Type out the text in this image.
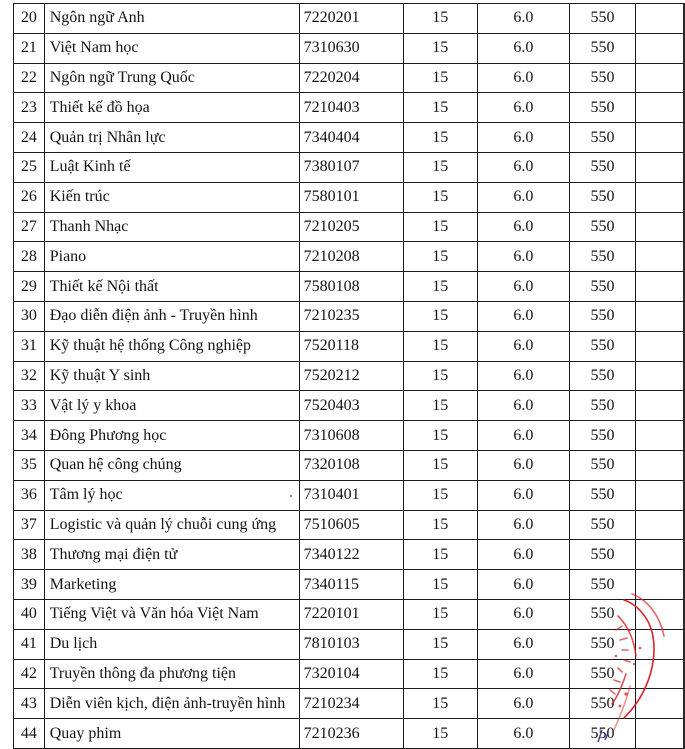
20	Ngôn ngữ Anh	7220201	15	6.0	550	
21	Việt Nam học	7310630	15	6.0	550	
22	Ngôn ngữ Trung Quốc	7220204	15	6.0	550	
23	Thiết kế đồ họa	7210403	15	6.0	550	
24	Quản trị Nhân lực	7340404	15	6.0	550	
25	Luật Kinh tế	7380107	15	6.0	550	
26	Kiến trúc	7580101	15	6.0	550	
27	Thanh Nhạc	7210205	15	6.0	550	
28	Piano	7210208	15	6.0	550	
29	Thiết kế Nội thất	7580108	15	6.0	550	
30	Đạo diễn điện ảnh - Truyền hình	7210235	15	6.0	550	
31	Kỹ thuật hệ thống Công nghiệp	7520118	15	6.0	550	
32	Kỹ thuật Y sinh	7520212	15	6.0	550	
33	Vật lý y khoa	7520403	15	6.0	550	
34	Đông Phương học	7310608	15	6.0	550	
35	Quan hệ công chúng	7320108	15	6.0	550	
36	Tâm lý học	7310401	15	6.0	550	
37	Logistic và quản lý chuỗi cung ứng	7510605	15	6.0	550	
38	Thương mại điện tử	7340122	15	6.0	550	
39	Marketing	7340115	15	6.0	550	
40	Tiếng Việt và Văn hóa Việt Nam	7220101	15	6.0	550	
41	Du lịch	7810103	15	6.0	550	
42	Truyền thông đa phương tiện	7320104	15	6.0	550	
43	Diễn viên kịch, điện ảnh-truyền hình	7210234	15	6.0	550	
44	Quay phim	7210236	15	6.0	550	
